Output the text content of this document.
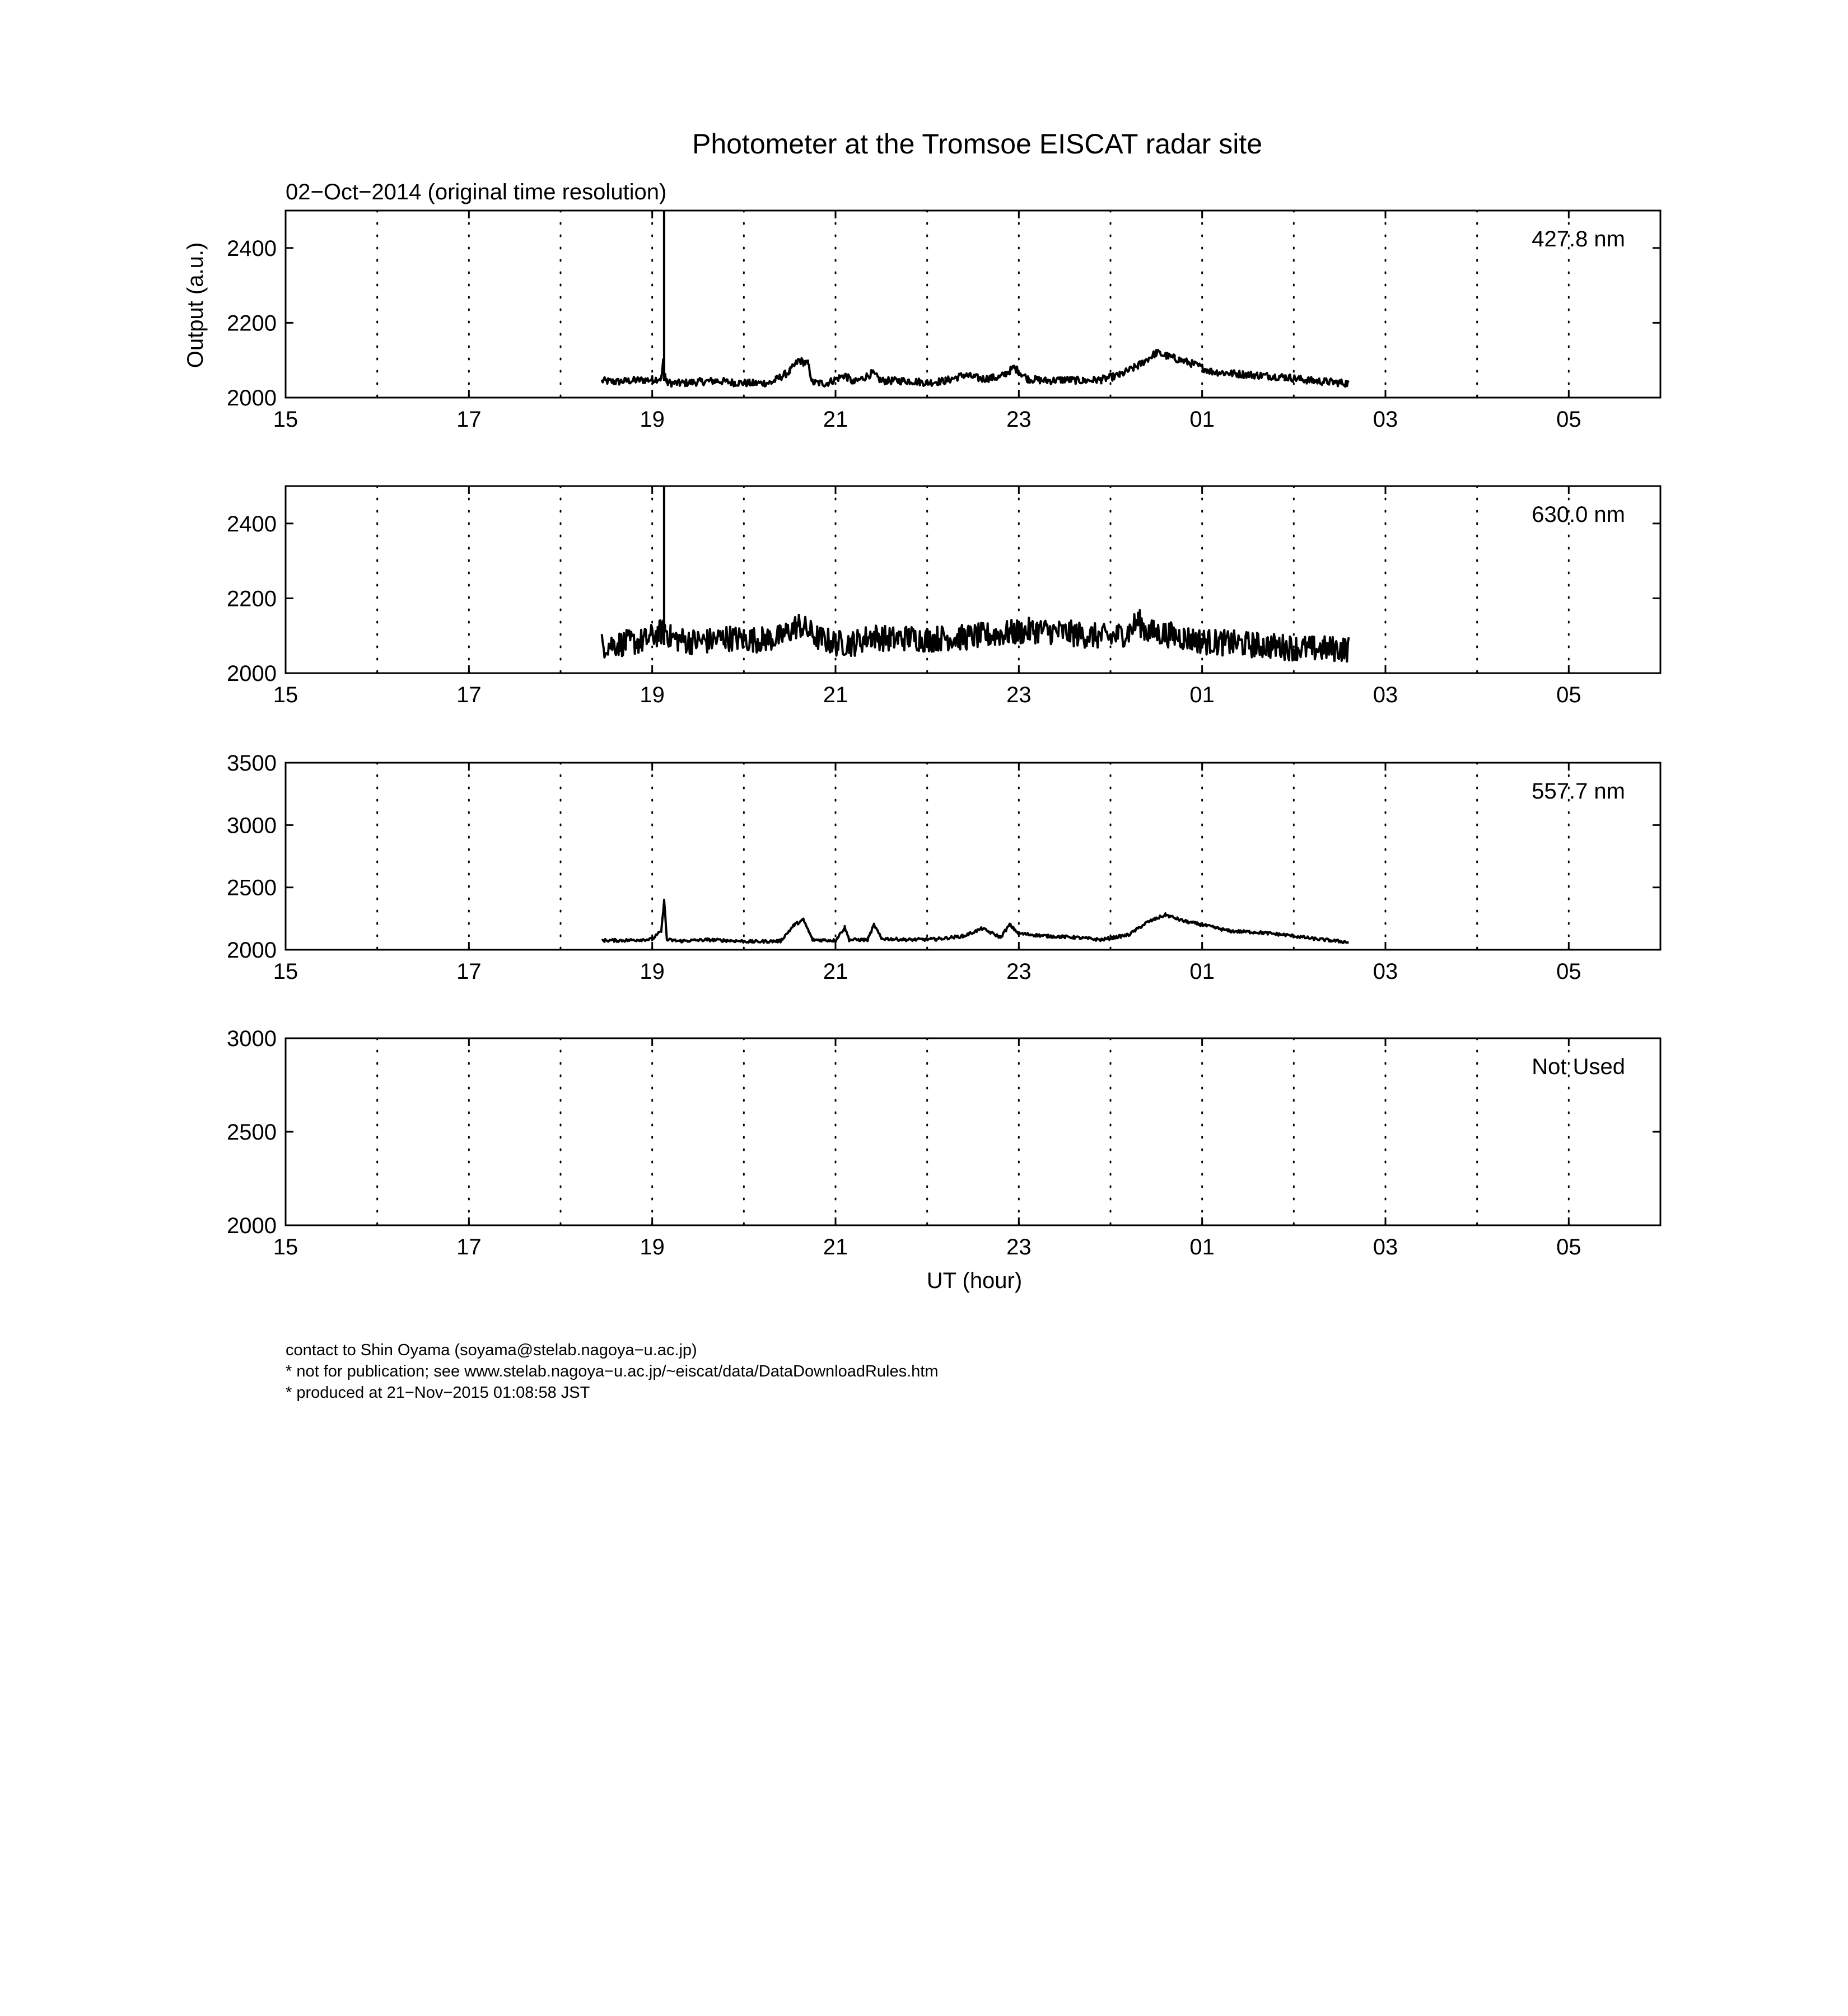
Photometer at the Tromsoe EISCAT radar site
02−Oct−2014 (original time resolution)
Output (a.u.)
UT (hour)
15	17	19	21	23	01	03	05
2000
2200
2400	427.8 nm
15	17	19	21	23	01	03	05
2000
2200
2400	630.0 nm
15	17	19	21	23	01	03	05
2000
2500
3000
3500
557.7 nm
15	17	19	21	23	01	03	05
2000
2500
3000
Not Used
contact to Shin Oyama (soyama@stelab.nagoya−u.ac.jp)
* not for publication; see www.stelab.nagoya−u.ac.jp/~eiscat/data/DataDownloadRules.htm
* produced at 21−Nov−2015 01:08:58 JST
